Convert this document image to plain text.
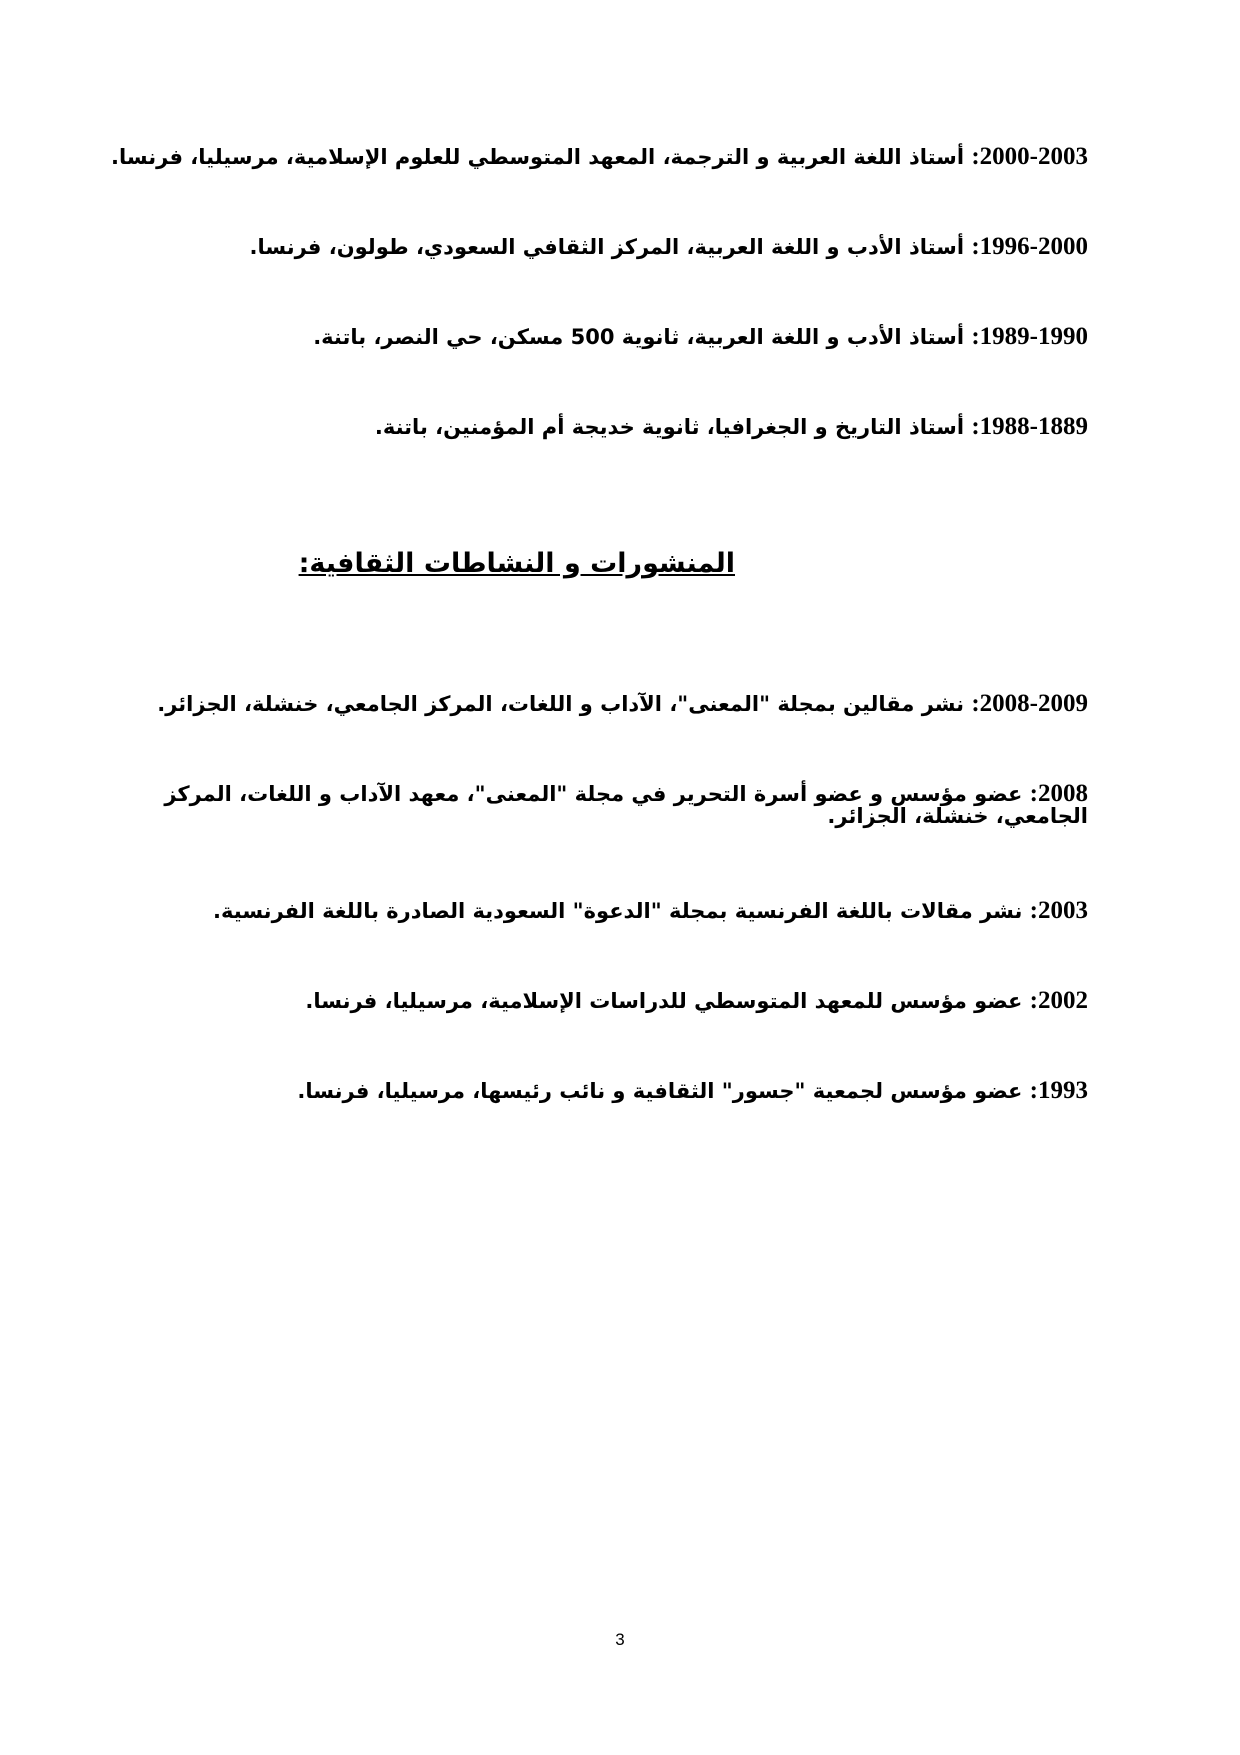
2000-2003: أستاذ اللغة العربية و الترجمة، المعهد المتوسطي للعلوم الإسلامية، مرسيليا، فرنسا.
1996-2000: أستاذ الأدب و اللغة العربية، المركز الثقافي السعودي، طولون، فرنسا.
1989-1990: أستاذ الأدب و اللغة العربية، ثانوية 500 مسكن، حي النصر، باتنة.
1988-1889: أستاذ التاريخ و الجغرافيا، ثانوية خديجة أم المؤمنين، باتنة.
المنشورات و النشاطات الثقافية:
2008-2009: نشر مقالين بمجلة "المعنى"، الآداب و اللغات، المركز الجامعي، خنشلة، الجزائر.
2008: عضو مؤسس و عضو أسرة التحرير في مجلة "المعنى"، معهد الآداب و اللغات، المركز الجامعي، خنشلة، الجزائر.
2003: نشر مقالات باللغة الفرنسية بمجلة "الدعوة" السعودية الصادرة باللغة الفرنسية.
2002: عضو مؤسس للمعهد المتوسطي للدراسات الإسلامية، مرسيليا، فرنسا.
1993: عضو مؤسس لجمعية "جسور" الثقافية و نائب رئيسها، مرسيليا، فرنسا.
3
